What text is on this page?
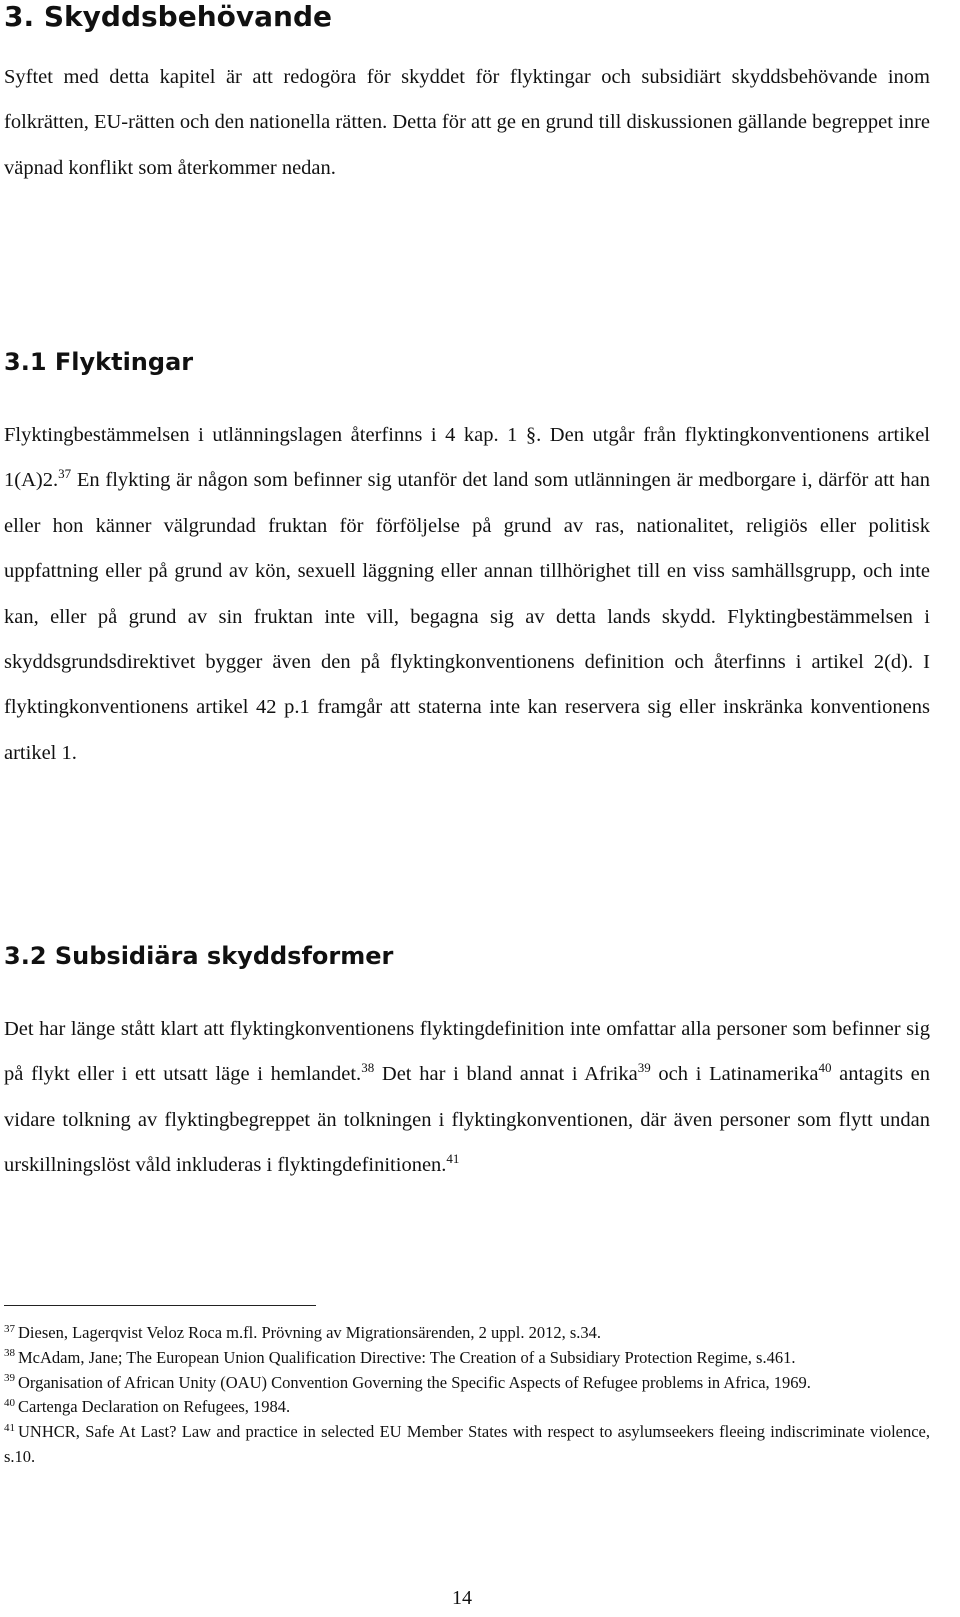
3. Skyddsbehövande

Syftet med detta kapitel är att redogöra för skyddet för flyktingar och subsidiärt skyddsbehövande inom folkrätten, EU-rätten och den nationella rätten. Detta för att ge en grund till diskussionen gällande begreppet inre väpnad konflikt som återkommer nedan.

3.1 Flyktingar

Flyktingbestämmelsen i utlänningslagen återfinns i 4 kap. 1 §. Den utgår från flyktingkonventionens artikel 1(A)2.37 En flykting är någon som befinner sig utanför det land som utlänningen är medborgare i, därför att han eller hon känner välgrundad fruktan för förföljelse på grund av ras, nationalitet, religiös eller politisk uppfattning eller på grund av kön, sexuell läggning eller annan tillhörighet till en viss samhällsgrupp, och inte kan, eller på grund av sin fruktan inte vill, begagna sig av detta lands skydd. Flyktingbestämmelsen i skyddsgrundsdirektivet bygger även den på flyktingkonventionens definition och återfinns i artikel 2(d). I flyktingkonventionens artikel 42 p.1 framgår att staterna inte kan reservera sig eller inskränka konventionens artikel 1.

3.2 Subsidiära skyddsformer

Det har länge stått klart att flyktingkonventionens flyktingdefinition inte omfattar alla personer som befinner sig på flykt eller i ett utsatt läge i hemlandet.$^{38}$ Det har i bland annat i Afrika$^{39}$ och i Latinamerika$^{40}$ antagits en vidare tolkning av flyktingbegreppet än tolkningen i flyktingkonventionen, där även personer som flytt undan urskillningslöst våld inkluderas i flyktingdefinitionen.$^{41}$

$^{37}$ Diesen, Lagerqvist Veloz Roca m.fl. Prövning av Migrationsärenden, 2 uppl. 2012, s.34.

$^{38}$ McAdam, Jane; The European Union Qualification Directive: The Creation of a Subsidiary Protection Regime, s.461.

$^{39}$ Organisation of African Unity (OAU) Convention Governing the Specific Aspects of Refugee problems in Africa, 1969.

$^{40}$ Cartenga Declaration on Refugees, 1984.

$^{41}$ UNHCR, Safe At Last? Law and practice in selected EU Member States with respect to asylumseekers fleeing indiscriminate violence, s.10.

14
